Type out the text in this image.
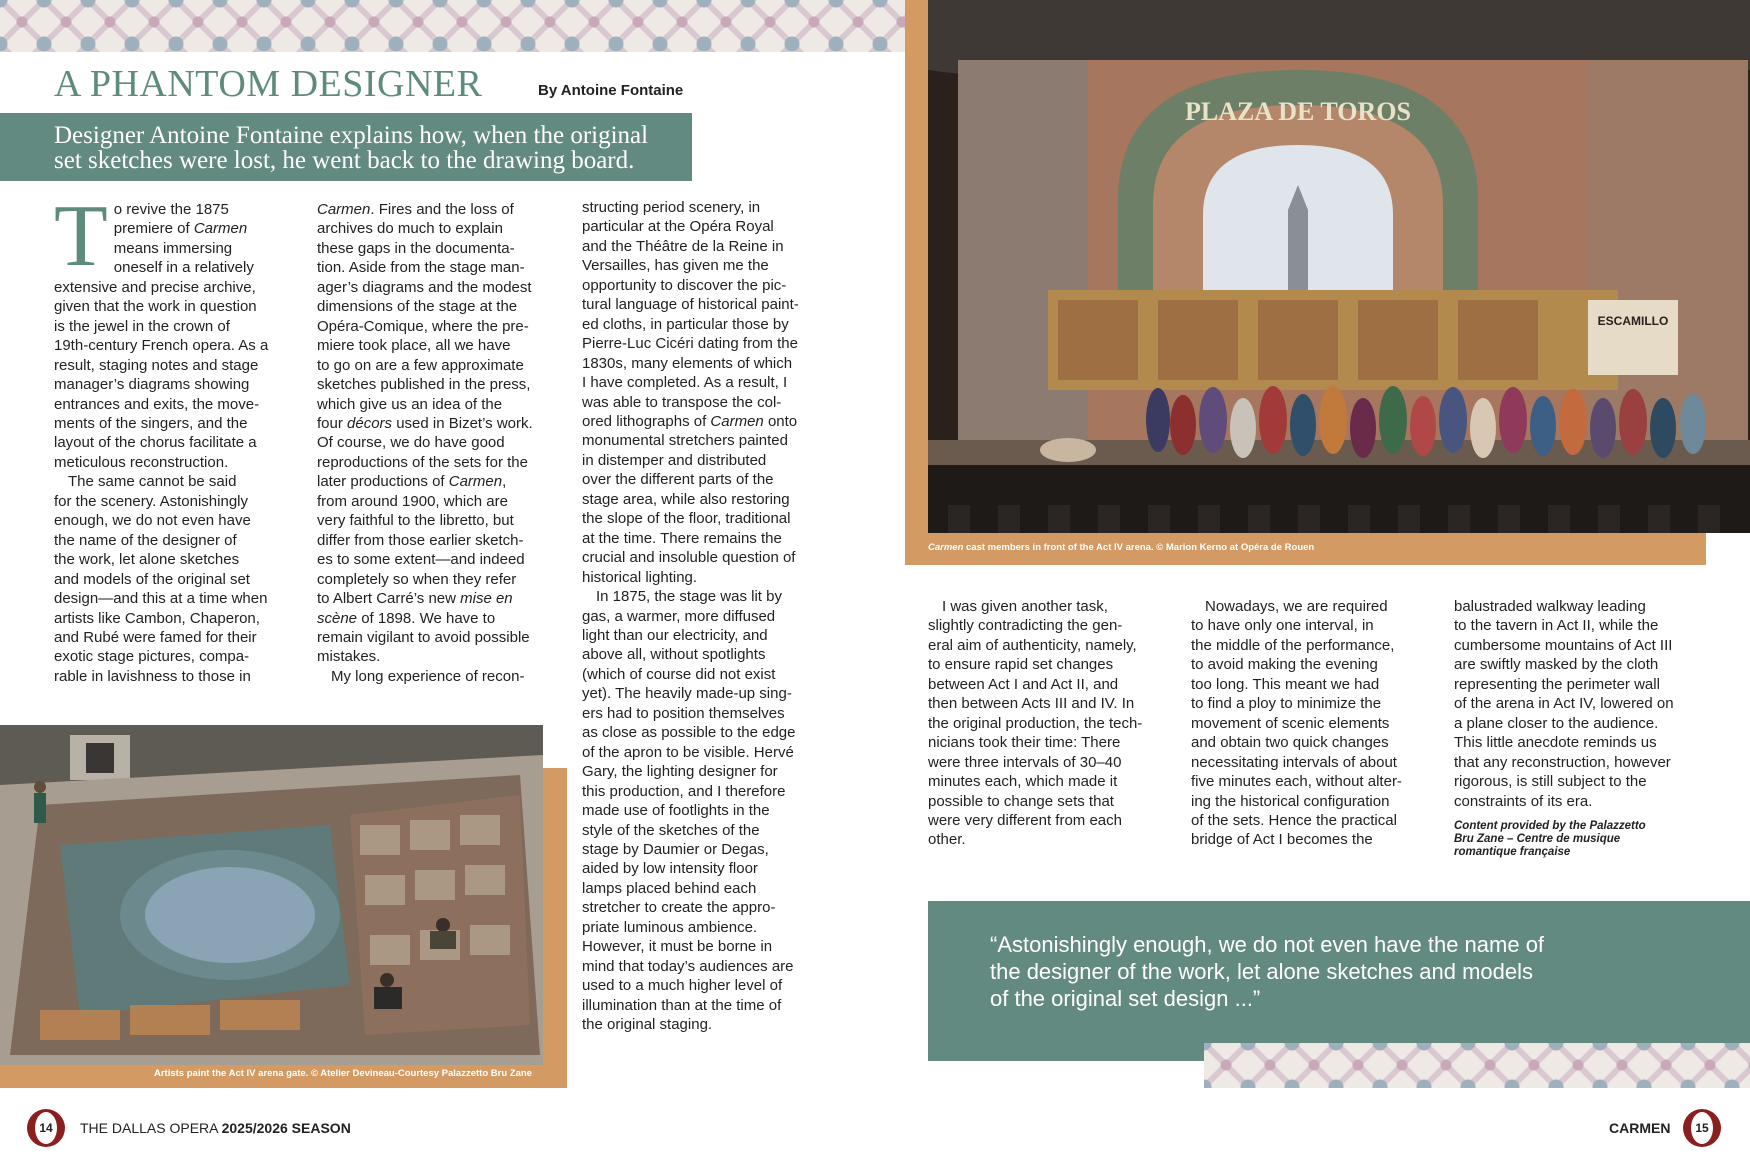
A PHANTOM DESIGNER	By Antoine Fontaine
Designer Antoine Fontaine explains how, when the original
set sketches were lost, he went back to the drawing board.
T o revive the 1875
premiere of Carmen
means immersing
oneself in a relatively
extensive and precise archive,
given that the work in question
is the jewel in the crown of
19th-century French opera. As a
result, staging notes and stage
manager’s diagrams showing
entrances and exits, the move-
ments of the singers, and the
layout of the chorus facilitate a
meticulous reconstruction.
The same cannot be said
for the scenery. Astonishingly
enough, we do not even have
the name of the designer of
the work, let alone sketches
and models of the original set
design—and this at a time when
artists like Cambon, Chaperon,
and Rubé were famed for their
exotic stage pictures, compa-
rable in lavishness to those in
Carmen. Fires and the loss of
archives do much to explain
these gaps in the documenta-
tion. Aside from the stage man-
ager’s diagrams and the modest
dimensions of the stage at the
Opéra-Comique, where the pre-
miere took place, all we have
to go on are a few approximate
sketches published in the press,
which give us an idea of the
four décors used in Bizet’s work.
Of course, we do have good
reproductions of the sets for the
later productions of Carmen,
from around 1900, which are
very faithful to the libretto, but
differ from those earlier sketch-
es to some extent—and indeed
completely so when they refer
to Albert Carré’s new mise en
scène of 1898. We have to
remain vigilant to avoid possible
mistakes.
My long experience of recon-
structing period scenery, in
particular at the Opéra Royal
and the Théâtre de la Reine in
Versailles, has given me the
opportunity to discover the pic-
tural language of historical paint-
ed cloths, in particular those by
Pierre-Luc Cicéri dating from the
1830s, many elements of which
I have completed. As a result, I
was able to transpose the col-
ored lithographs of Carmen onto
monumental stretchers painted
in distemper and distributed
over the different parts of the
stage area, while also restoring
the slope of the floor, traditional
at the time. There remains the
crucial and insoluble question of
historical lighting.
In 1875, the stage was lit by
gas, a warmer, more diffused
light than our electricity, and
above all, without spotlights
(which of course did not exist
yet). The heavily made-up sing-
ers had to position themselves
as close as possible to the edge
of the apron to be visible. Hervé
Gary, the lighting designer for
this production, and I therefore
made use of footlights in the
style of the sketches of the
stage by Daumier or Degas,
aided by low intensity floor
lamps placed behind each
stretcher to create the appro-
priate luminous ambience.
However, it must be borne in
mind that today’s audiences are
used to a much higher level of
illumination than at the time of
the original staging.
Artists paint the Act IV arena gate. © Atelier Devineau-Courtesy Palazzetto Bru Zane
14	THE DALLAS OPERA 2025/2026 SEASON
PLAZA DE TOROS
ESCAMILLO
Carmen cast members in front of the Act IV arena. © Marion Kerno at Opéra de Rouen
I was given another task,
slightly contradicting the gen-
eral aim of authenticity, namely,
to ensure rapid set changes
between Act I and Act II, and
then between Acts III and IV. In
the original production, the tech-
nicians took their time: There
were three intervals of 30–40
minutes each, which made it
possible to change sets that
were very different from each
other.
Nowadays, we are required
to have only one interval, in
the middle of the performance,
to avoid making the evening
too long. This meant we had
to find a ploy to minimize the
movement of scenic elements
and obtain two quick changes
necessitating intervals of about
five minutes each, without alter-
ing the historical configuration
of the sets. Hence the practical
bridge of Act I becomes the
balustraded walkway leading
to the tavern in Act II, while the
cumbersome mountains of Act III
are swiftly masked by the cloth
representing the perimeter wall
of the arena in Act IV, lowered on
a plane closer to the audience.
This little anecdote reminds us
that any reconstruction, however
rigorous, is still subject to the
constraints of its era.
Content provided by the Palazzetto
Bru Zane – Centre de musique
romantique française
“Astonishingly enough, we do not even have the name of
the designer of the work, let alone sketches and models
of the original set design ...”
CARMEN	15
